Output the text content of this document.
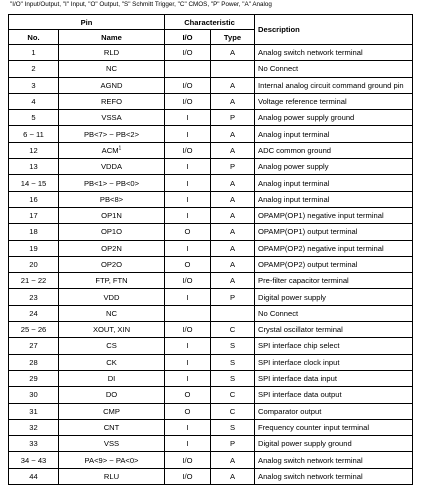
"I/O" Input/Output, "I" Input, "O" Output, "S" Schmitt Trigger, "C" CMOS, "P" Power, "A" Analog
Pin		Characteristic		Description
No.	Name	I/O	Type	
1	RLD	I/O	A	Analog switch network terminal
2	NC			No Connect
3	AGND	I/O	A	Internal analog circuit command ground pin
4	REFO	I/O	A	Voltage reference terminal
5	VSSA	I	P	Analog power supply ground
6 ~ 11	PB<7> ~ PB<2>	I	A	Analog input terminal
12	ACM$^1$	I/O	A	ADC common ground
13	VDDA	I	P	Analog power supply
14 ~ 15	PB<1> ~ PB<0>	I	A	Analog input terminal
16	PB<8>	I	A	Analog input terminal
17	OP1N	I	A	OPAMP(OP1) negative input terminal
18	OP1O	O	A	OPAMP(OP1) output terminal
19	OP2N	I	A	OPAMP(OP2) negative input terminal
20	OP2O	O	A	OPAMP(OP2) output terminal
21 ~ 22	FTP, FTN	I/O	A	Pre-filter capacitor terminal
23	VDD	I	P	Digital power supply
24	NC			No Connect
25 ~ 26	XOUT, XIN	I/O	C	Crystal oscillator terminal
27	CS	I	S	SPI interface chip select
28	CK	I	S	SPI interface clock input
29	DI	I	S	SPI interface data input
30	DO	O	C	SPI interface data output
31	CMP	O	C	Comparator output
32	CNT	I	S	Frequency counter input terminal
33	VSS	I	P	Digital power supply ground
34 ~ 43	PA<9> ~ PA<0>	I/O	A	Analog switch network terminal
44	RLU	I/O	A	Analog switch network terminal
